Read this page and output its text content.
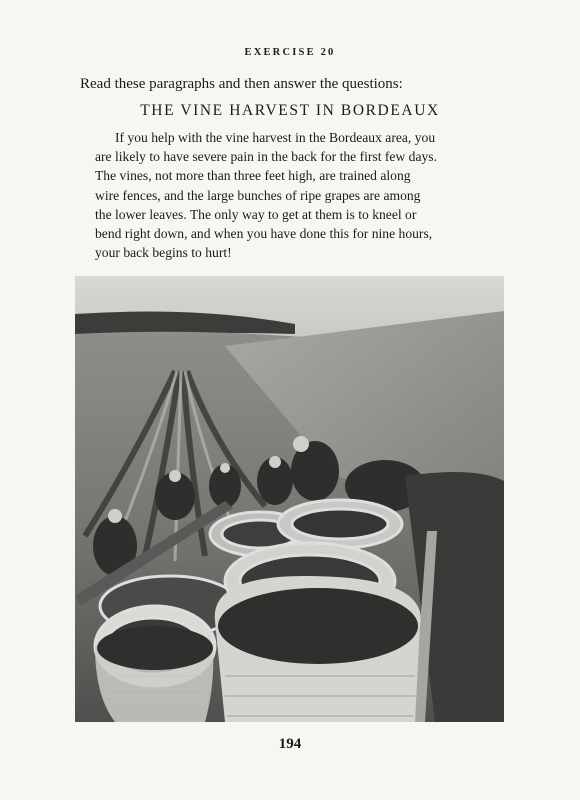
EXERCISE 20
Read these paragraphs and then answer the questions:
THE VINE HARVEST IN BORDEAUX

If you help with the vine harvest in the Bordeaux area, you
are likely to have severe pain in the back for the first few days.
The vines, not more than three feet high, are trained along
wire fences, and the large bunches of ripe grapes are among
the lower leaves. The only way to get at them is to kneel or
bend right down, and when you have done this for nine hours,
your back begins to hurt!

194
